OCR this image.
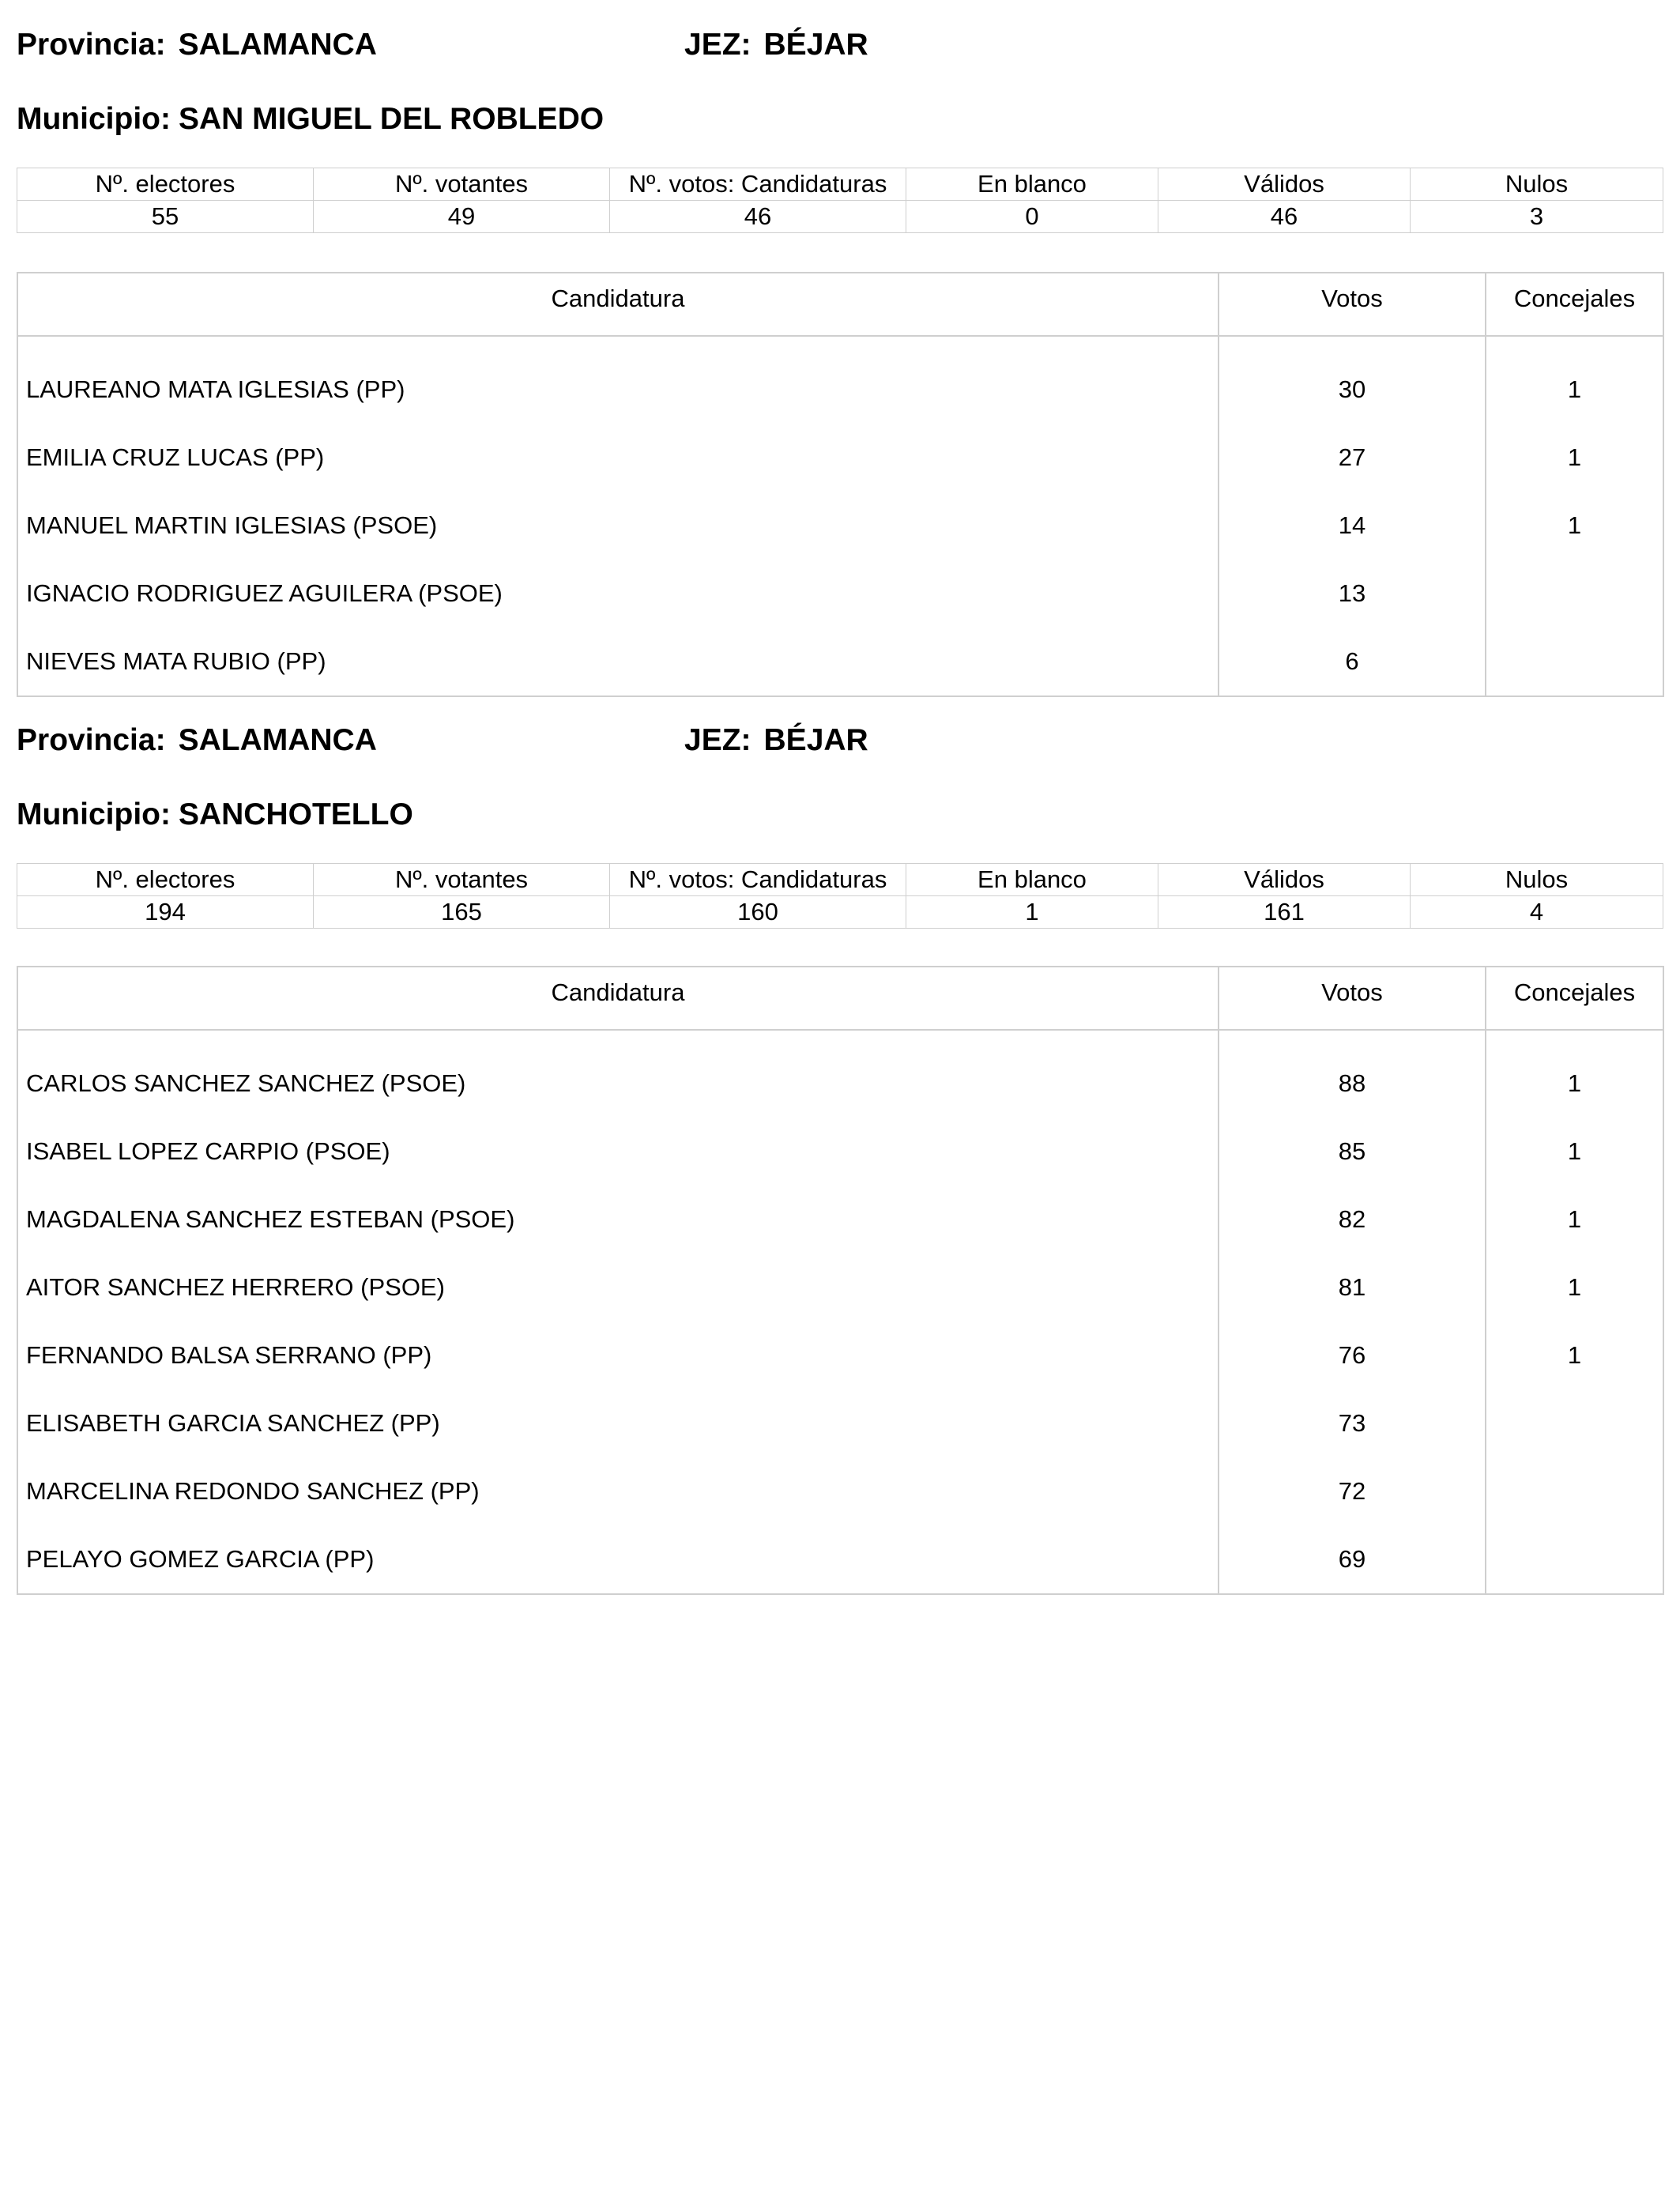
Provincia: SALAMANCA	JEZ: BÉJAR
Municipio: SAN MIGUEL DEL ROBLEDO
Nº. electores	Nº. votantes	Nº. votos: Candidaturas	En blanco	Válidos	Nulos
55	49	46	0	46	3
Candidatura	Votos	Concejales
LAUREANO MATA IGLESIAS (PP)	30	1
EMILIA CRUZ LUCAS (PP)	27	1
MANUEL MARTIN IGLESIAS (PSOE)	14	1
IGNACIO RODRIGUEZ AGUILERA (PSOE)	13	
NIEVES MATA RUBIO (PP)	6	
Provincia: SALAMANCA	JEZ: BÉJAR
Municipio: SANCHOTELLO
Nº. electores	Nº. votantes	Nº. votos: Candidaturas	En blanco	Válidos	Nulos
194	165	160	1	161	4
Candidatura	Votos	Concejales
CARLOS SANCHEZ SANCHEZ (PSOE)	88	1
ISABEL LOPEZ CARPIO (PSOE)	85	1
MAGDALENA SANCHEZ ESTEBAN (PSOE)	82	1
AITOR SANCHEZ HERRERO (PSOE)	81	1
FERNANDO BALSA SERRANO (PP)	76	1
ELISABETH GARCIA SANCHEZ (PP)	73	
MARCELINA REDONDO SANCHEZ (PP)	72	
PELAYO GOMEZ GARCIA (PP)	69	
